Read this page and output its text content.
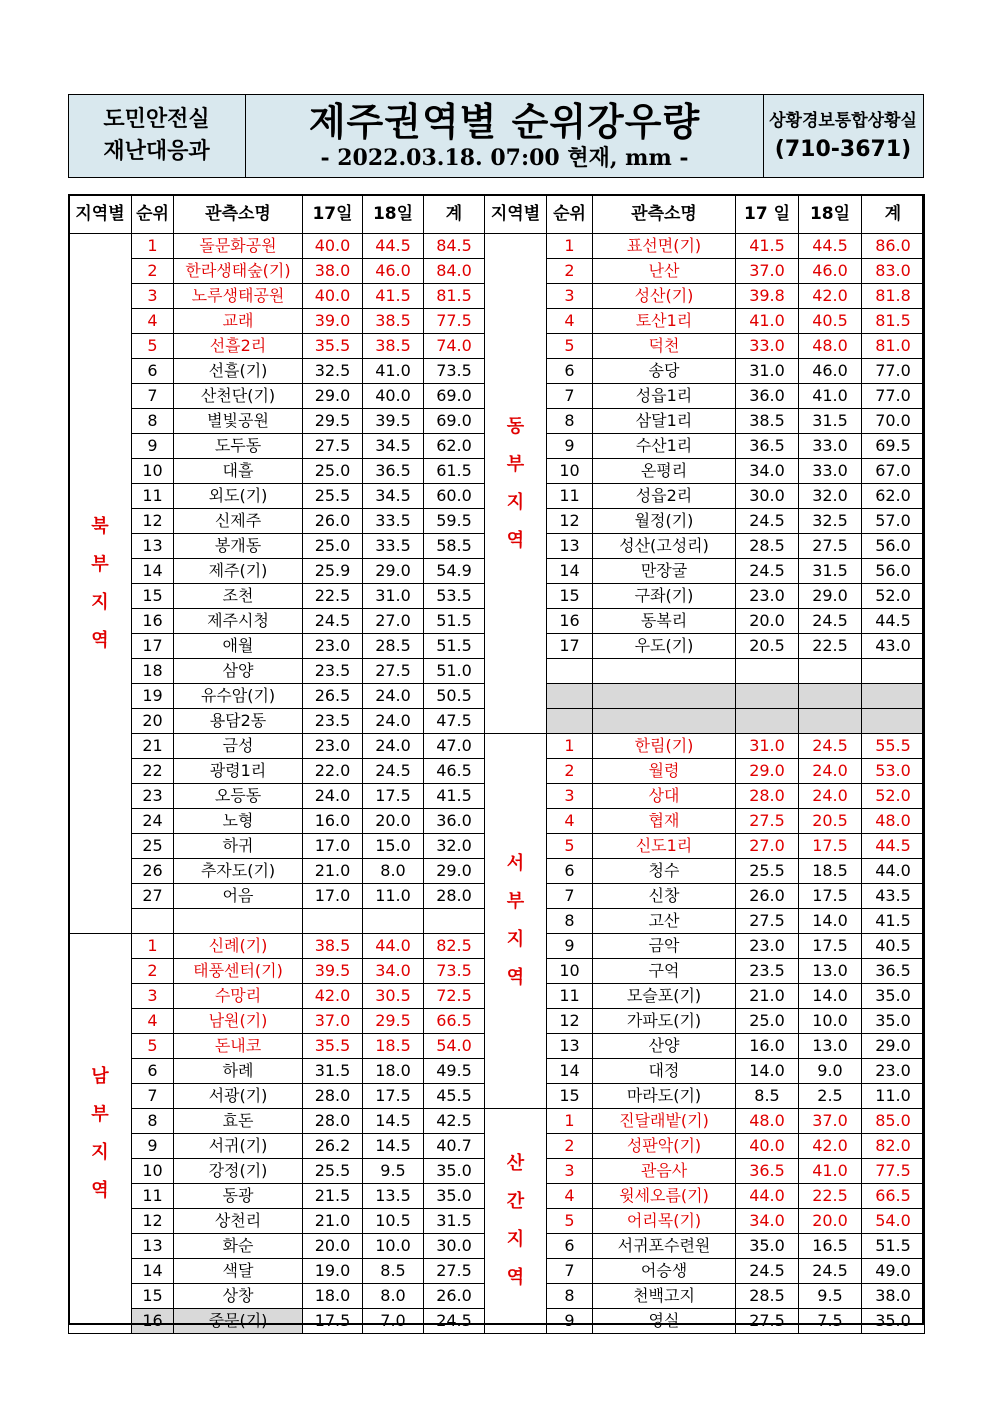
도민안전실
재난대응과
제주권역별 순위강우량
- 2022.03.18. 07:00 현재, mm -
상황경보통합상황실
(710-3671)
지역별	순위	관측소명	17일	18일	계
북
부
지
역	1	돌문화공원	40.0	44.5	84.5
	2	한라생태숲(기)	38.0	46.0	84.0
	3	노루생태공원	40.0	41.5	81.5
	4	교래	39.0	38.5	77.5
	5	선흘2리	35.5	38.5	74.0
	6	선흘(기)	32.5	41.0	73.5
	7	산천단(기)	29.0	40.0	69.0
	8	별빛공원	29.5	39.5	69.0
	9	도두동	27.5	34.5	62.0
	10	대흘	25.0	36.5	61.5
	11	외도(기)	25.5	34.5	60.0
	12	신제주	26.0	33.5	59.5
	13	봉개동	25.0	33.5	58.5
	14	제주(기)	25.9	29.0	54.9
	15	조천	22.5	31.0	53.5
	16	제주시청	24.5	27.0	51.5
	17	애월	23.0	28.5	51.5
	18	삼양	23.5	27.5	51.0
	19	유수암(기)	26.5	24.0	50.5
	20	용담2동	23.5	24.0	47.5
	21	금성	23.0	24.0	47.0
	22	광령1리	22.0	24.5	46.5
	23	오등동	24.0	17.5	41.5
	24	노형	16.0	20.0	36.0
	25	하귀	17.0	15.0	32.0
	26	추자도(기)	21.0	8.0	29.0
	27	어음	17.0	11.0	28.0

남
부
지
역	1	신례(기)	38.5	44.0	82.5
	2	태풍센터(기)	39.5	34.0	73.5
	3	수망리	42.0	30.5	72.5
	4	남원(기)	37.0	29.5	66.5
	5	돈내코	35.5	18.5	54.0
	6	하례	31.5	18.0	49.5
	7	서광(기)	28.0	17.5	45.5
	8	효돈	28.0	14.5	42.5
	9	서귀(기)	26.2	14.5	40.7
	10	강정(기)	25.5	9.5	35.0
	11	동광	21.5	13.5	35.0
	12	상천리	21.0	10.5	31.5
	13	화순	20.0	10.0	30.0
	14	색달	19.0	8.5	27.5
	15	상창	18.0	8.0	26.0
	16	중문(기)	17.5	7.0	24.5
지역별	순위	관측소명	17 일	18일	계
동
부
지
역	1	표선면(기)	41.5	44.5	86.0
	2	난산	37.0	46.0	83.0
	3	성산(기)	39.8	42.0	81.8
	4	토산1리	41.0	40.5	81.5
	5	덕천	33.0	48.0	81.0
	6	송당	31.0	46.0	77.0
	7	성읍1리	36.0	41.0	77.0
	8	삼달1리	38.5	31.5	70.0
	9	수산1리	36.5	33.0	69.5
	10	온평리	34.0	33.0	67.0
	11	성읍2리	30.0	32.0	62.0
	12	월정(기)	24.5	32.5	57.0
	13	성산(고성리)	28.5	27.5	56.0
	14	만장굴	24.5	31.5	56.0
	15	구좌(기)	23.0	29.0	52.0
	16	동복리	20.0	24.5	44.5
	17	우도(기)	20.5	22.5	43.0

서
부
지
역	1	한림(기)	31.0	24.5	55.5
	2	월령	29.0	24.0	53.0
	3	상대	28.0	24.0	52.0
	4	협재	27.5	20.5	48.0
	5	신도1리	27.0	17.5	44.5
	6	청수	25.5	18.5	44.0
	7	신창	26.0	17.5	43.5
	8	고산	27.5	14.0	41.5
	9	금악	23.0	17.5	40.5
	10	구억	23.5	13.0	36.5
	11	모슬포(기)	21.0	14.0	35.0
	12	가파도(기)	25.0	10.0	35.0
	13	산양	16.0	13.0	29.0
	14	대정	14.0	9.0	23.0
	15	마라도(기)	8.5	2.5	11.0
산
간
지
역	1	진달래밭(기)	48.0	37.0	85.0
	2	성판악(기)	40.0	42.0	82.0
	3	관음사	36.5	41.0	77.5
	4	윗세오름(기)	44.0	22.5	66.5
	5	어리목(기)	34.0	20.0	54.0
	6	서귀포수련원	35.0	16.5	51.5
	7	어승생	24.5	24.5	49.0
	8	천백고지	28.5	9.5	38.0
	9	영실	27.5	7.5	35.0
